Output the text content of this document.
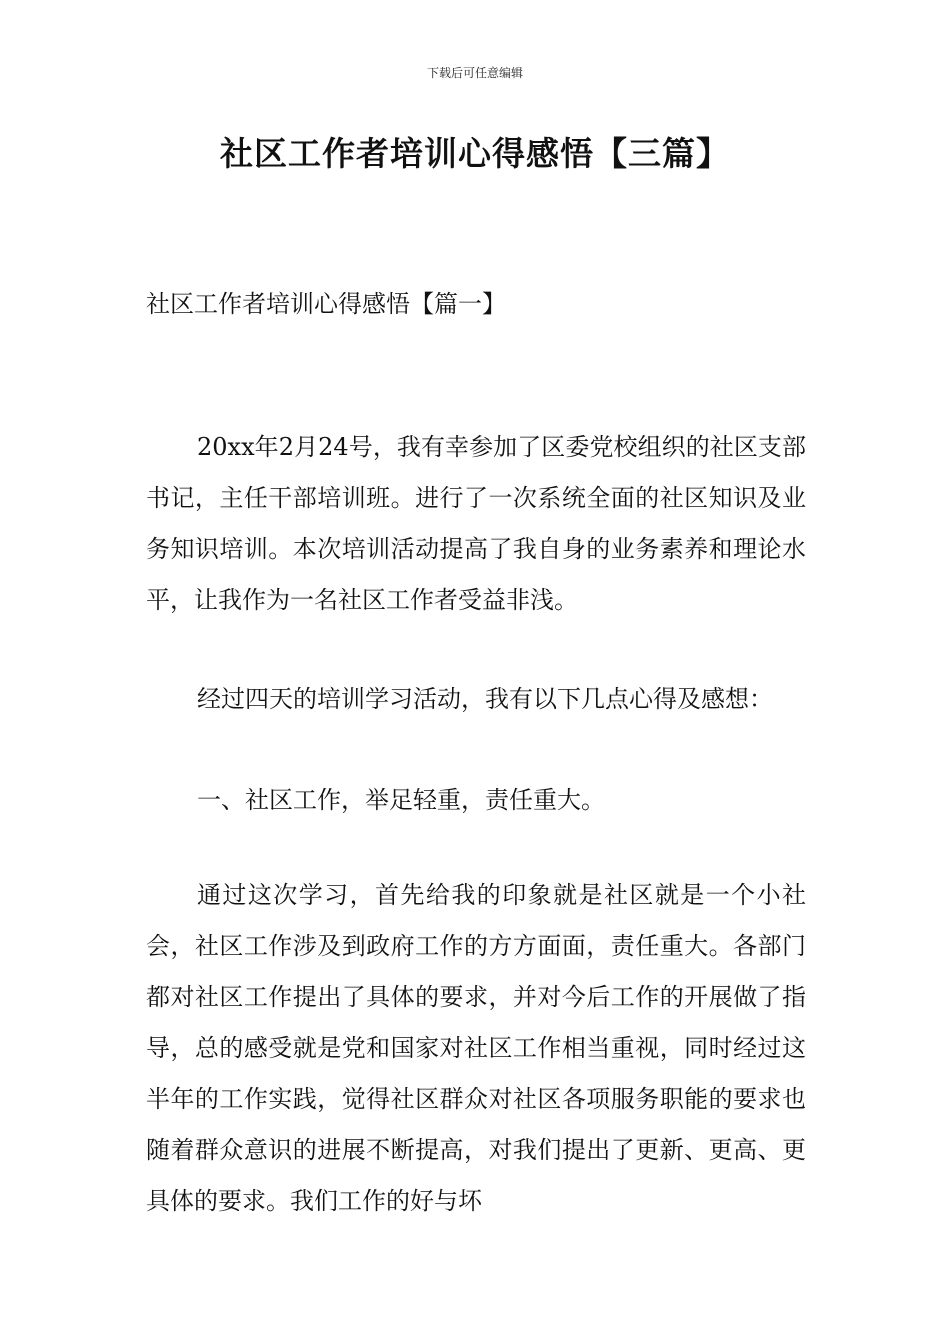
下载后可任意编辑
社区工作者培训心得感悟【三篇】
社区工作者培训心得感悟【篇一】

20xx年2月24号，我有幸参加了区委党校组织的社区支部书记，主任干部培训班。进行了一次系统全面的社区知识及业务知识培训。本次培训活动提高了我自身的业务素养和理论水平，让我作为一名社区工作者受益非浅。

经过四天的培训学习活动，我有以下几点心得及感想：

一、社区工作，举足轻重，责任重大。

通过这次学习，首先给我的印象就是社区就是一个小社会，社区工作涉及到政府工作的方方面面，责任重大。各部门都对社区工作提出了具体的要求，并对今后工作的开展做了指导，总的感受就是党和国家对社区工作相当重视，同时经过这半年的工作实践，觉得社区群众对社区各项服务职能的要求也随着群众意识的进展不断提高，对我们提出了更新、更高、更具体的要求。我们工作的好与坏
